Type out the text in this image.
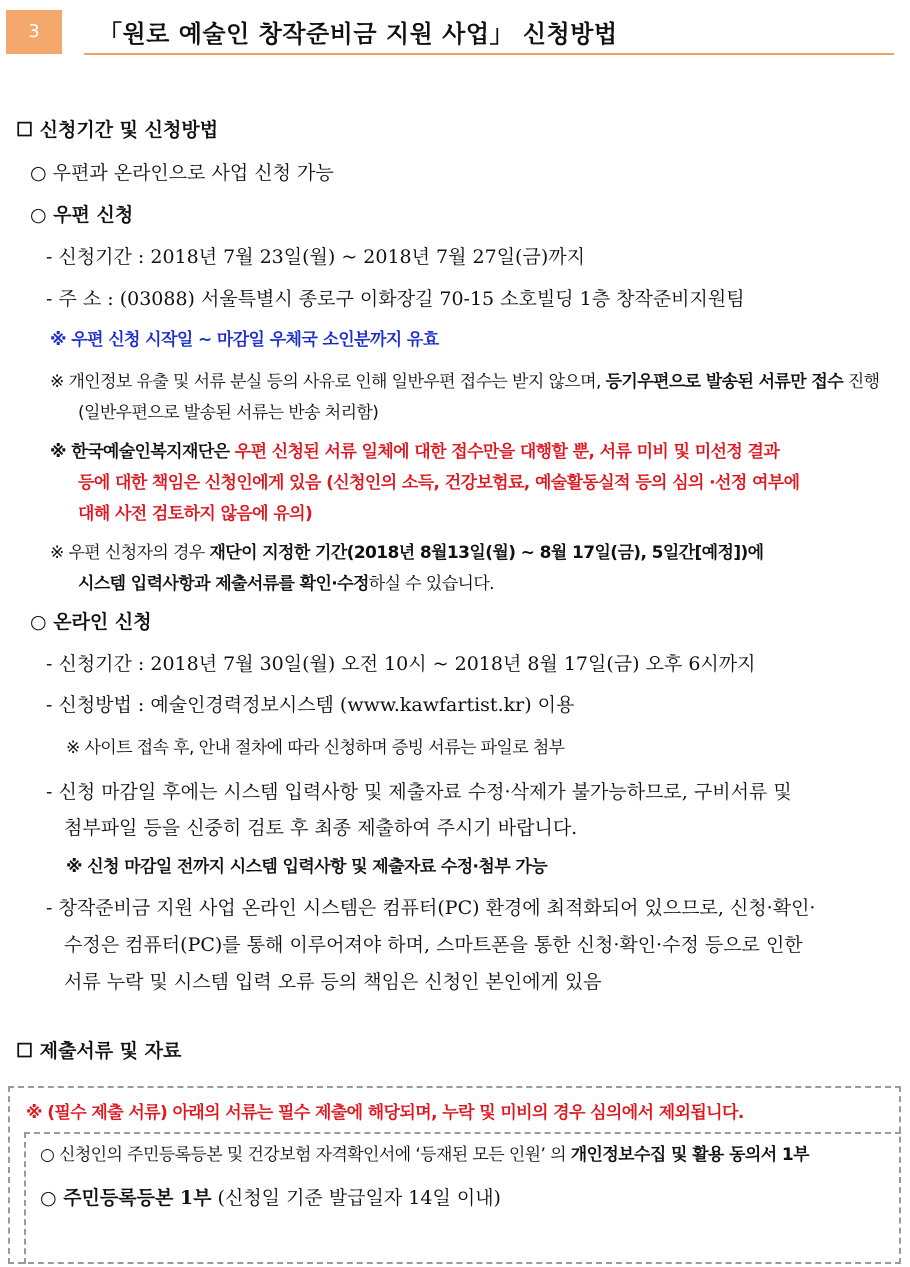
3	「원로 예술인 창작준비금 지원 사업」 신청방법
☐ 신청기간 및 신청방법
○ 우편과 온라인으로 사업 신청 가능
○ 우편 신청
- 신청기간 : 2018년 7월 23일(월) ~ 2018년 7월 27일(금)까지
- 주 소 : (03088) 서울특별시 종로구 이화장길 70-15 소호빌딩 1층 창작준비지원팀
※ 우편 신청 시작일 ~ 마감일 우체국 소인분까지 유효
※ 개인정보 유출 및 서류 분실 등의 사유로 인해 일반우편 접수는 받지 않으며, 등기우편으로 발송된 서류만 접수 진행
(일반우편으로 발송된 서류는 반송 처리함)
※ 한국예술인복지재단은 우편 신청된 서류 일체에 대한 접수만을 대행할 뿐, 서류 미비 및 미선정 결과
등에 대한 책임은 신청인에게 있음 (신청인의 소득, 건강보험료, 예술활동실적 등의 심의 ·선정 여부에
대해 사전 검토하지 않음에 유의)
※ 우편 신청자의 경우 재단이 지정한 기간(2018년 8월13일(월) ~ 8월 17일(금), 5일간[예정])에
시스템 입력사항과 제출서류를 확인·수정하실 수 있습니다.
○ 온라인 신청
- 신청기간 : 2018년 7월 30일(월) 오전 10시 ~ 2018년 8월 17일(금) 오후 6시까지
- 신청방법 : 예술인경력정보시스템 (www.kawfartist.kr) 이용
※ 사이트 접속 후, 안내 절차에 따라 신청하며 증빙 서류는 파일로 첨부
- 신청 마감일 후에는 시스템 입력사항 및 제출자료 수정·삭제가 불가능하므로, 구비서류 및
첨부파일 등을 신중히 검토 후 최종 제출하여 주시기 바랍니다.
※ 신청 마감일 전까지 시스템 입력사항 및 제출자료 수정·첨부 가능
- 창작준비금 지원 사업 온라인 시스템은 컴퓨터(PC) 환경에 최적화되어 있으므로, 신청·확인·
수정은 컴퓨터(PC)를 통해 이루어져야 하며, 스마트폰을 통한 신청·확인·수정 등으로 인한
서류 누락 및 시스템 입력 오류 등의 책임은 신청인 본인에게 있음
☐ 제출서류 및 자료
※ (필수 제출 서류) 아래의 서류는 필수 제출에 해당되며, 누락 및 미비의 경우 심의에서 제외됩니다.
○ 신청인의 주민등록등본 및 건강보험 자격확인서에 ‘등재된 모든 인원’ 의 개인정보수집 및 활용 동의서 1부
○ 주민등록등본 1부 (신청일 기준 발급일자 14일 이내)
